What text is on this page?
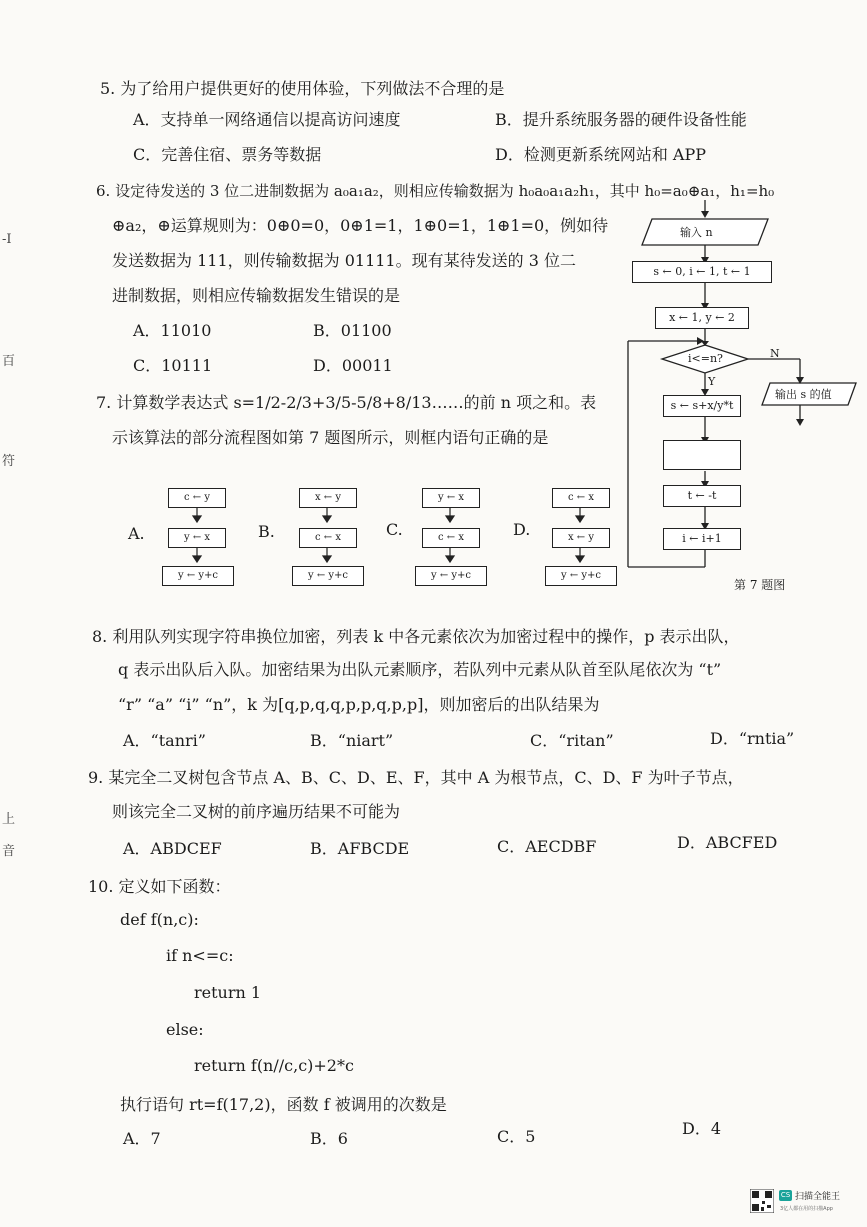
-I
百
符
上
音
5. 为了给用户提供更好的使用体验，下列做法不合理的是
A．支持单一网络通信以提高访问速度	B．提升系统服务器的硬件设备性能
C．完善住宿、票务等数据	D．检测更新系统网站和 APP
6. 设定待发送的 3 位二进制数据为 a₀a₁a₂，则相应传输数据为 h₀a₀a₁a₂h₁，其中 h₀=a₀⊕a₁，h₁=h₀
⊕a₂，⊕运算规则为：0⊕0=0，0⊕1=1，1⊕0=1，1⊕1=0，例如待
发送数据为 111，则传输数据为 01111。现有某待发送的 3 位二
进制数据，则相应传输数据发生错误的是
A．11010	B．01100
C．10111	D．00011
7. 计算数学表达式 s=1/2-2/3+3/5-5/8+8/13……的前 n 项之和。表
示该算法的部分流程图如第 7 题图所示，则框内语句正确的是
A.
c ← y
y ← x
y ← y+c
B.
x ← y
c ← x
y ← y+c
C.
y ← x
c ← x
y ← y+c
D.
c ← x
x ← y
y ← y+c
输入 n
s ← 0, i ← 1, t ← 1
x ← 1, y ← 2
i<=n?	N
Y
输出 s 的值
s ← s+x/y*t
t ← -t
i ← i+1
第 7 题图
8. 利用队列实现字符串换位加密，列表 k 中各元素依次为加密过程中的操作，p 表示出队，
q 表示出队后入队。加密结果为出队元素顺序，若队列中元素从队首至队尾依次为 “t”
“r” “a” “i” “n”，k 为[q,p,q,q,p,p,q,p,p]，则加密后的出队结果为
A．“tanri”	B．“niart”	C．“ritan”	D．“rntia”
9. 某完全二叉树包含节点 A、B、C、D、E、F，其中 A 为根节点，C、D、F 为叶子节点，
则该完全二叉树的前序遍历结果不可能为
A．ABDCEF	B．AFBCDE	C．AECDBF	D．ABCFED
10. 定义如下函数：
def f(n,c):
if n<=c:
return 1
else:
return f(n//c,c)+2*c
执行语句 rt=f(17,2)，函数 f 被调用的次数是
A．7	B．6	C．5	D．4
CS 扫描全能王
3亿人都在用的扫描App
